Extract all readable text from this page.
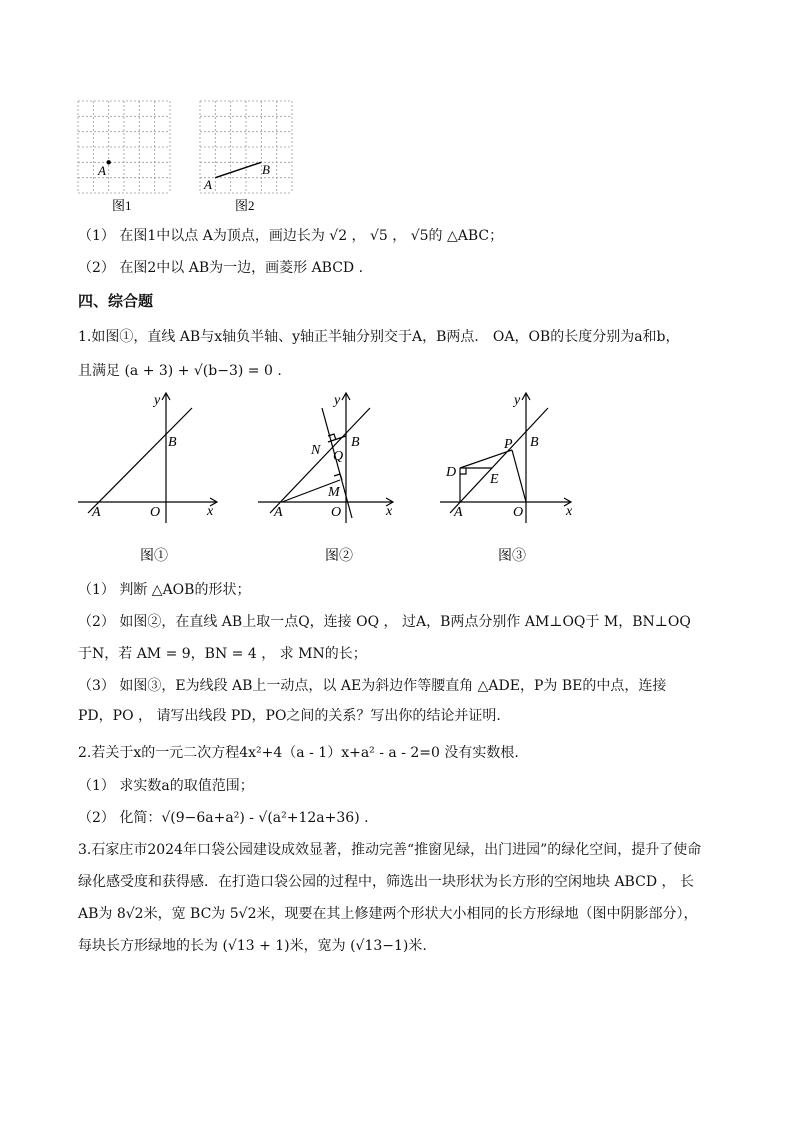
A
图1
A
B
图2
（1） 在图1中以点 A为顶点，画边长为 √2 ， √5 ， √5的 △ABC；
（2） 在图2中以 AB为一边，画菱形 ABCD .
四、综合题
1.如图①，直线 AB与x轴负半轴、y轴正半轴分别交于A，B两点． OA，OB的长度分别为a和b，
且满足 (a + 3) + √(b−3) = 0 .
y
x
B
A	O
图①
y
x
B
N Q
M
A	O
图②
y
x
B
P
D E
A	O
图③
（1） 判断 △AOB的形状；
（2） 如图②，在直线 AB上取一点Q，连接 OQ ， 过A，B两点分别作 AM⊥OQ于 M，BN⊥OQ
于N，若 AM = 9，BN = 4 ， 求 MN的长；
（3） 如图③，E为线段 AB上一动点，以 AE为斜边作等腰直角 △ADE，P为 BE的中点，连接
PD，PO ， 请写出线段 PD，PO之间的关系？写出你的结论并证明.
2.若关于x的一元二次方程4x²+4（a - 1）x+a² - a - 2=0 没有实数根.
（1） 求实数a的取值范围；
（2） 化简：√(9−6a+a²) - √(a²+12a+36) .
3.石家庄市2024年口袋公园建设成效显著，推动完善“推窗见绿，出门进园”的绿化空间，提升了使命
绿化感受度和获得感．在打造口袋公园的过程中，筛选出一块形状为长方形的空闲地块 ABCD ， 长
AB为 8√2米，宽 BC为 5√2米，现要在其上修建两个形状大小相同的长方形绿地（图中阴影部分），
每块长方形绿地的长为 (√13 + 1)米，宽为 (√13−1)米.
